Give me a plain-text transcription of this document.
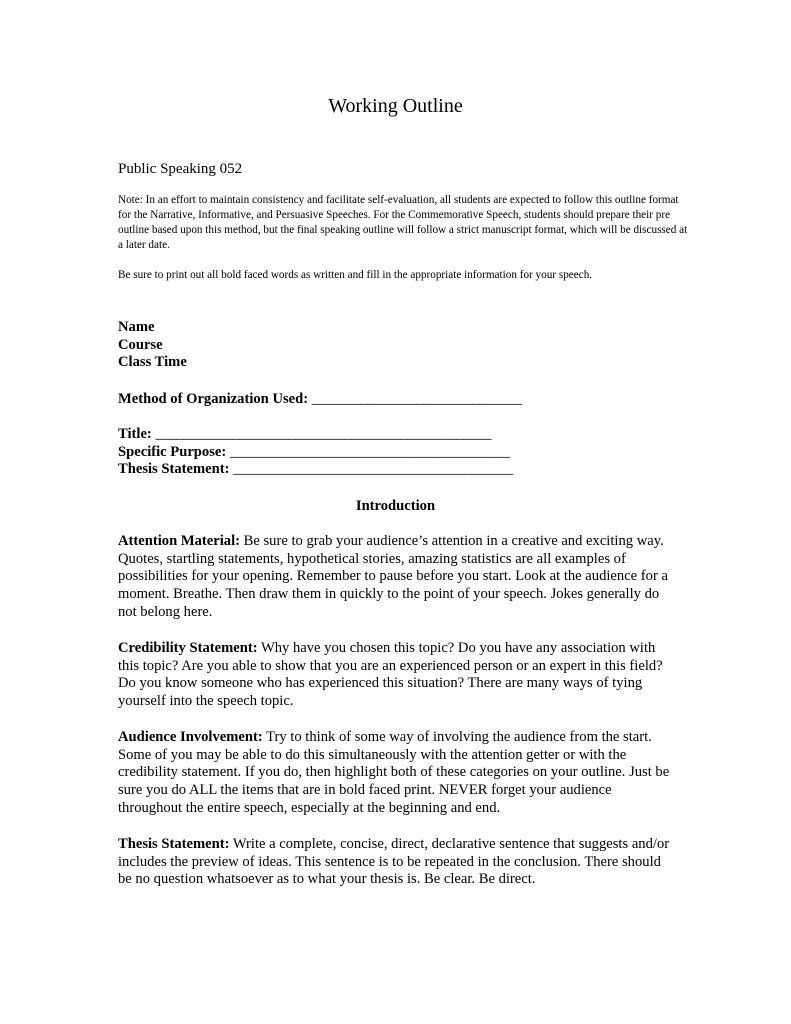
Working Outline
Public Speaking 052
Note: In an effort to maintain consistency and facilitate self-evaluation, all students are expected to follow this outline format for the Narrative, Informative, and Persuasive Speeches. For the Commemorative Speech, students should prepare their pre outline based upon this method, but the final speaking outline will follow a strict manuscript format, which will be discussed at a later date.
Be sure to print out all bold faced words as written and fill in the appropriate information for your speech.
Name
Course
Class Time
Method of Organization Used: ______________________________
Title: ________________________________________________
Specific Purpose: ________________________________________
Thesis Statement: ________________________________________
Introduction
Attention Material: Be sure to grab your audience’s attention in a creative and exciting way. Quotes, startling statements, hypothetical stories, amazing statistics are all examples of possibilities for your opening. Remember to pause before you start. Look at the audience for a moment. Breathe. Then draw them in quickly to the point of your speech. Jokes generally do not belong here.
Credibility Statement: Why have you chosen this topic? Do you have any association with this topic? Are you able to show that you are an experienced person or an expert in this field? Do you know someone who has experienced this situation? There are many ways of tying yourself into the speech topic.
Audience Involvement: Try to think of some way of involving the audience from the start. Some of you may be able to do this simultaneously with the attention getter or with the credibility statement. If you do, then highlight both of these categories on your outline. Just be sure you do ALL the items that are in bold faced print. NEVER forget your audience throughout the entire speech, especially at the beginning and end.
Thesis Statement: Write a complete, concise, direct, declarative sentence that suggests and/or includes the preview of ideas. This sentence is to be repeated in the conclusion. There should be no question whatsoever as to what your thesis is. Be clear. Be direct.
